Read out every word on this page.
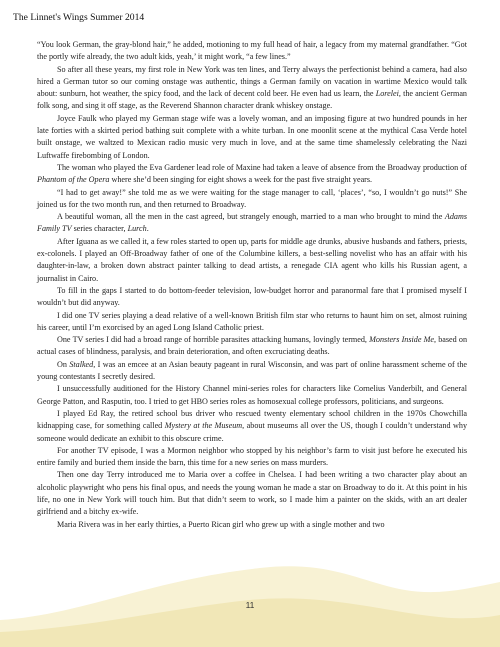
The Linnet's Wings Summer 2014

“You look German, the gray-blond hair,” he added, motioning to my full head of hair, a legacy from my maternal grandfather. “Got the portly wife already, the two adult kids, yeah,’ it might work, “a few lines.”

So after all these years, my first role in New York was ten lines, and Terry always the perfectionist behind a camera, had also hired a German tutor so our coming onstage was authentic, things a German family on vacation in wartime Mexico would talk about: sunburn, hot weather, the spicy food, and the lack of decent cold beer. He even had us learn, the Lorelei, the ancient German folk song, and sing it off stage, as the Reverend Shannon character drank whiskey onstage.

Joyce Faulk who played my German stage wife was a lovely woman, and an imposing figure at two hundred pounds in her late forties with a skirted period bathing suit complete with a white turban. In one moonlit scene at the mythical Casa Verde hotel built onstage, we waltzed to Mexican radio music very much in love, and at the same time shamelessly celebrating the Nazi Luftwaffe firebombing of London.

The woman who played the Eva Gardener lead role of Maxine had taken a leave of absence from the Broadway production of Phantom of the Opera where she’d been singing for eight shows a week for the past five straight years.

“I had to get away!” she told me as we were waiting for the stage manager to call, ‘places’, “so, I wouldn’t go nuts!” She joined us for the two month run, and then returned to Broadway.

A beautiful woman, all the men in the cast agreed, but strangely enough, married to a man who brought to mind the Adams Family TV series character, Lurch.

After Iguana as we called it, a few roles started to open up, parts for middle age drunks, abusive husbands and fathers, priests, ex-colonels. I played an Off-Broadway father of one of the Columbine killers, a best-selling novelist who has an affair with his daughter-in-law, a broken down abstract painter talking to dead artists, a renegade CIA agent who kills his Russian agent, a journalist in Cairo.

To fill in the gaps I started to do bottom-feeder television, low-budget horror and paranormal fare that I promised myself I wouldn’t but did anyway.

I did one TV series playing a dead relative of a well-known British film star who returns to haunt him on set, almost ruining his career, until I’m exorcised by an aged Long Island Catholic priest.

One TV series I did had a broad range of horrible parasites attacking humans, lovingly termed, Monsters Inside Me, based on actual cases of blindness, paralysis, and brain deterioration, and often excruciating deaths.

On Stalked, I was an emcee at an Asian beauty pageant in rural Wisconsin, and was part of online harassment scheme of the young contestants I secretly desired.

I unsuccessfully auditioned for the History Channel mini-series roles for characters like Cornelius Vanderbilt, and General George Patton, and Rasputin, too. I tried to get HBO series roles as homosexual college professors, politicians, and surgeons.

I played Ed Ray, the retired school bus driver who rescued twenty elementary school children in the 1970s Chowchilla kidnapping case, for something called Mystery at the Museum, about museums all over the US, though I couldn’t understand why someone would dedicate an exhibit to this obscure crime.

For another TV episode, I was a Mormon neighbor who stopped by his neighbor’s farm to visit just before he executed his entire family and buried them inside the barn, this time for a new series on mass murders.

Then one day Terry introduced me to Maria over a coffee in Chelsea. I had been writing a two character play about an alcoholic playwright who pens his final opus, and needs the young woman he made a star on Broadway to do it. At this point in his life, no one in New York will touch him. But that didn’t seem to work, so I made him a painter on the skids, with an art dealer girlfriend and a bitchy ex-wife.

Maria Rivera was in her early thirties, a Puerto Rican girl who grew up with a single mother and two

11
